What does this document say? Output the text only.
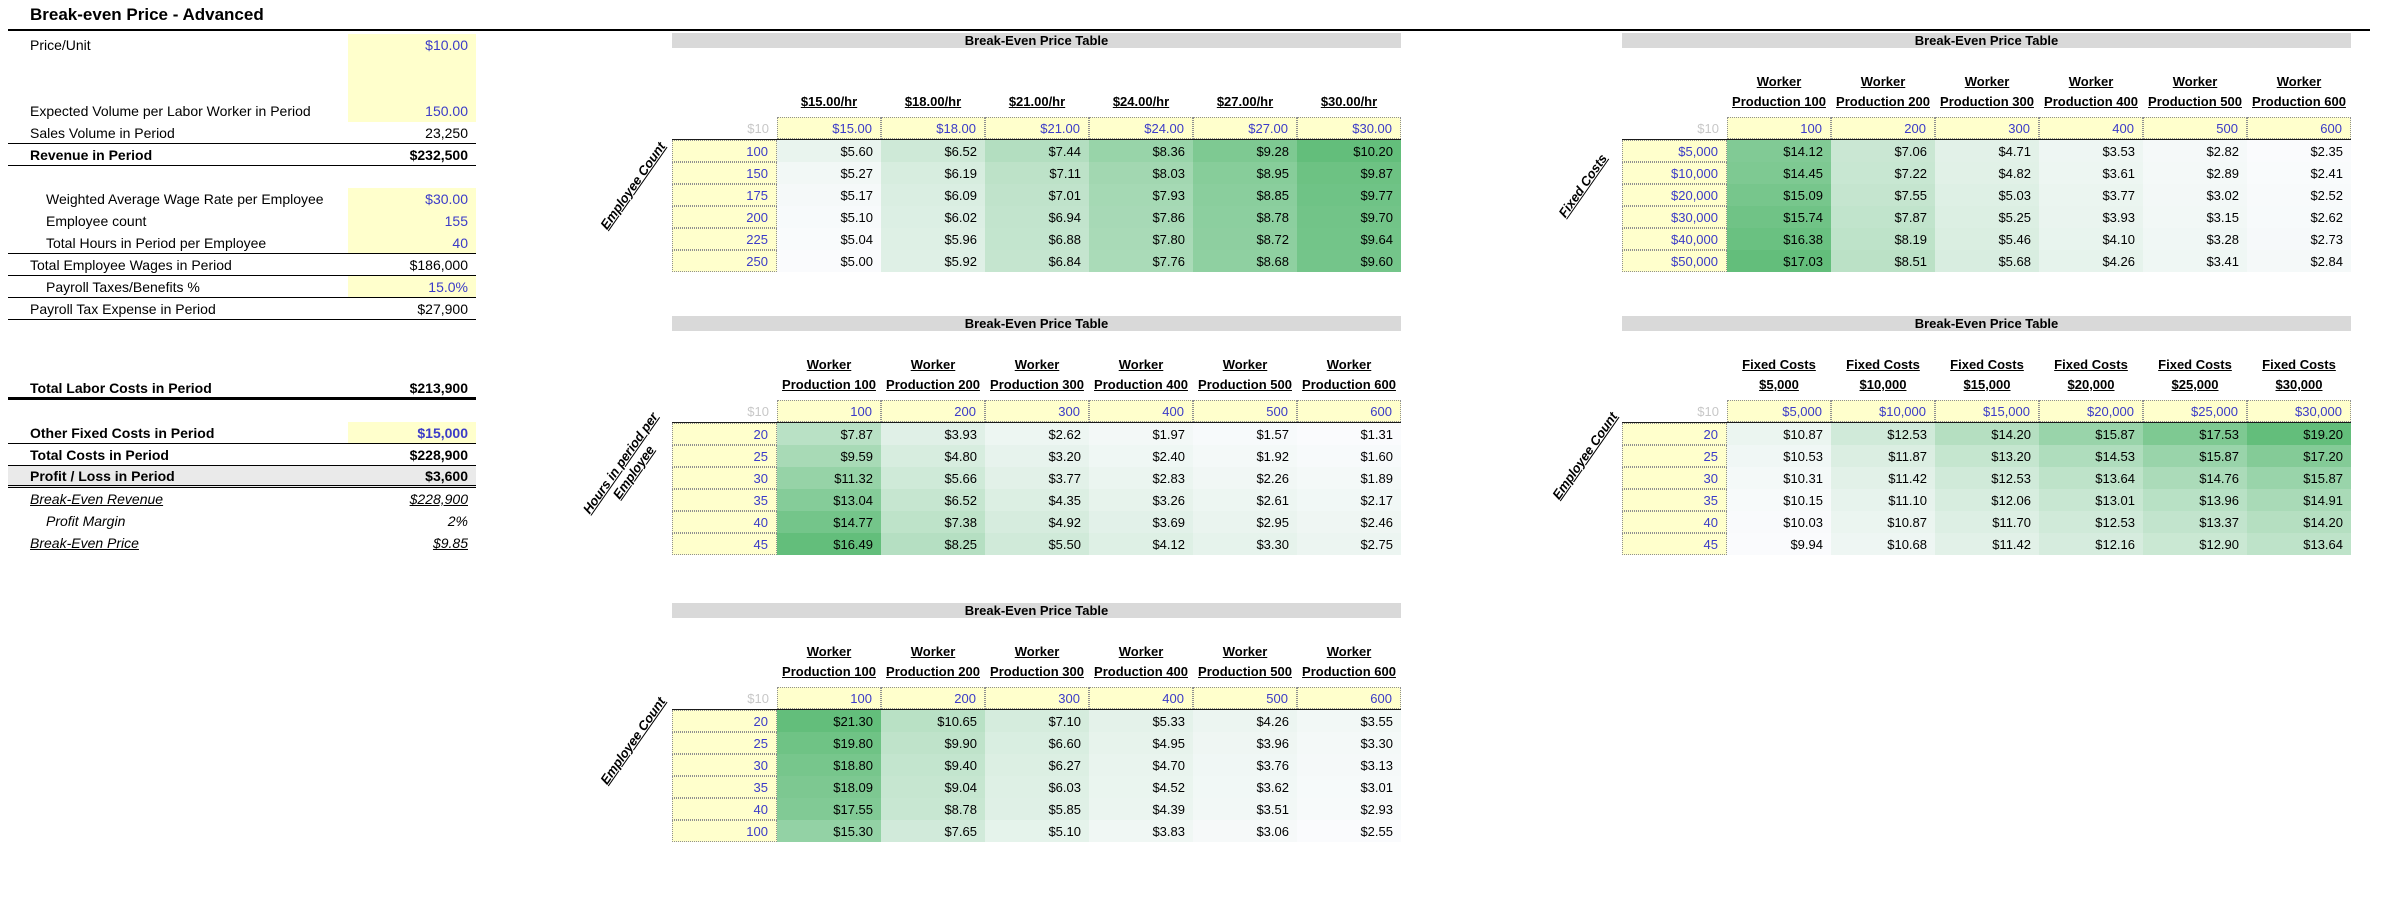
Break-even Price - Advanced
Price/Unit	$10.00
Expected Volume per Labor Worker in Period	150.00
Sales Volume in Period	23,250
Revenue in Period	$232,500
Weighted Average Wage Rate per Employee	$30.00
Employee count	155
Total Hours in Period per Employee	40
Total Employee Wages in Period	$186,000
Payroll Taxes/Benefits %	15.0%
Payroll Tax Expense in Period	$27,900
Total Labor Costs in Period	$213,900
Other Fixed Costs in Period	$15,000
Total Costs in Period	$228,900
Profit / Loss in Period	$3,600
Break-Even Revenue	$228,900
Profit Margin	2%
Break-Even Price	$9.85
Break-Even Price Table
$15.00/hr	$18.00/hr	$21.00/hr	$24.00/hr	$27.00/hr	$30.00/hr
$10	$15.00	$18.00	$21.00	$24.00	$27.00	$30.00
100	$5.60	$6.52	$7.44	$8.36	$9.28	$10.20
150	$5.27	$6.19	$7.11	$8.03	$8.95	$9.87
175	$5.17	$6.09	$7.01	$7.93	$8.85	$9.77
200	$5.10	$6.02	$6.94	$7.86	$8.78	$9.70
225	$5.04	$5.96	$6.88	$7.80	$8.72	$9.64
250	$5.00	$5.92	$6.84	$7.76	$8.68	$9.60
Break-Even Price Table
Worker
Production 100
Worker
Production 200
Worker
Production 300
Worker
Production 400
Worker
Production 500
Worker
Production 600
$10	100	200	300	400	500	600
$5,000	$14.12	$7.06	$4.71	$3.53	$2.82	$2.35
$10,000	$14.45	$7.22	$4.82	$3.61	$2.89	$2.41
$20,000	$15.09	$7.55	$5.03	$3.77	$3.02	$2.52
$30,000	$15.74	$7.87	$5.25	$3.93	$3.15	$2.62
$40,000	$16.38	$8.19	$5.46	$4.10	$3.28	$2.73
$50,000	$17.03	$8.51	$5.68	$4.26	$3.41	$2.84
Break-Even Price Table
Worker
Production 100
Worker
Production 200
Worker
Production 300
Worker
Production 400
Worker
Production 500
Worker
Production 600
$10	100	200	300	400	500	600
20	$7.87	$3.93	$2.62	$1.97	$1.57	$1.31
25	$9.59	$4.80	$3.20	$2.40	$1.92	$1.60
30	$11.32	$5.66	$3.77	$2.83	$2.26	$1.89
35	$13.04	$6.52	$4.35	$3.26	$2.61	$2.17
40	$14.77	$7.38	$4.92	$3.69	$2.95	$2.46
45	$16.49	$8.25	$5.50	$4.12	$3.30	$2.75
Break-Even Price Table
Fixed Costs
$5,000
Fixed Costs
$10,000
Fixed Costs
$15,000
Fixed Costs
$20,000
Fixed Costs
$25,000
Fixed Costs
$30,000
$10	$5,000	$10,000	$15,000	$20,000	$25,000	$30,000
20	$10.87	$12.53	$14.20	$15.87	$17.53	$19.20
25	$10.53	$11.87	$13.20	$14.53	$15.87	$17.20
30	$10.31	$11.42	$12.53	$13.64	$14.76	$15.87
35	$10.15	$11.10	$12.06	$13.01	$13.96	$14.91
40	$10.03	$10.87	$11.70	$12.53	$13.37	$14.20
45	$9.94	$10.68	$11.42	$12.16	$12.90	$13.64
Break-Even Price Table
Worker
Production 100
Worker
Production 200
Worker
Production 300
Worker
Production 400
Worker
Production 500
Worker
Production 600
$10	100	200	300	400	500	600
20	$21.30	$10.65	$7.10	$5.33	$4.26	$3.55
25	$19.80	$9.90	$6.60	$4.95	$3.96	$3.30
30	$18.80	$9.40	$6.27	$4.70	$3.76	$3.13
35	$18.09	$9.04	$6.03	$4.52	$3.62	$3.01
40	$17.55	$8.78	$5.85	$4.39	$3.51	$2.93
100	$15.30	$7.65	$5.10	$3.83	$3.06	$2.55
Employee Count	Fixed Costs
Hours in period per
Employee	Employee Count
Employee Count
